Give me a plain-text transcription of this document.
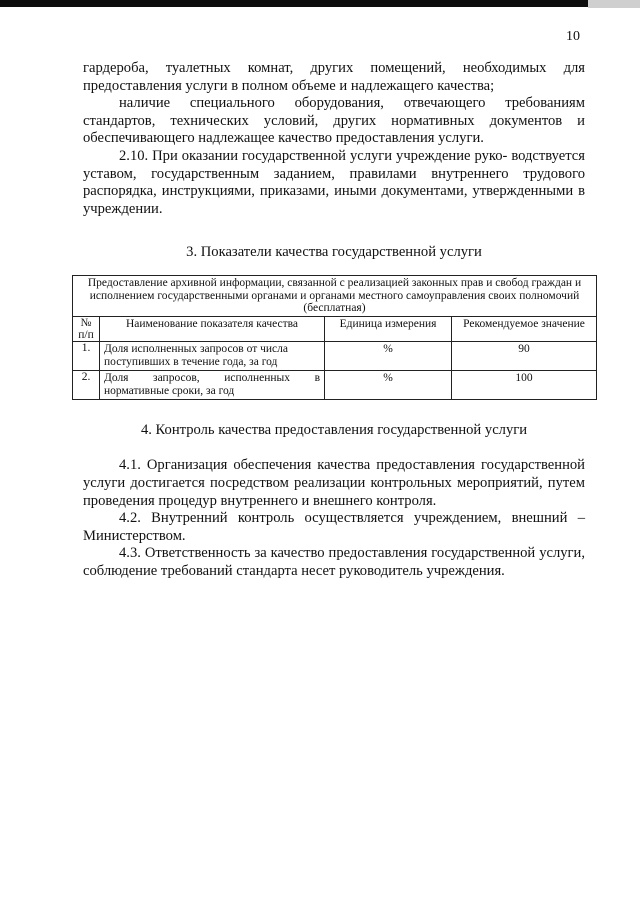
10

гардероба, туалетных комнат, других помещений, необходимых для предоставления услуги в полном объеме и надлежащего качества;

наличие специального оборудования, отвечающего требованиям стандартов, технических условий, других нормативных документов и обеспечивающего надлежащее качество предоставления услуги.

2.10. При оказании государственной услуги учреждение руко- водствуется уставом, государственным заданием, правилами внутреннего трудового распорядка, инструкциями, приказами, иными документами, утвержденными в учреждении.

3. Показатели качества государственной услуги

Предоставление архивной информации, связанной с реализацией законных прав и свобод граждан и исполнением государственными органами и органами местного самоуправления своих полномочий (бесплатная)			
№ п/п	Наименование показателя качества	Единица измерения	Рекомендуемое значение
1.	Доля исполненных запросов от числа поступивших в течение года, за год	%	90
2.	Доля запросов, исполненных в нормативные сроки, за год	%	100

4. Контроль качества предоставления государственной услуги

4.1. Организация обеспечения качества предоставления государственной услуги достигается посредством реализации контрольных мероприятий, путем проведения процедур внутреннего и внешнего контроля.

4.2. Внутренний контроль осуществляется учреждением, внешний – Министерством.

4.3. Ответственность за качество предоставления государственной услуги, соблюдение требований стандарта несет руководитель учреждения.
